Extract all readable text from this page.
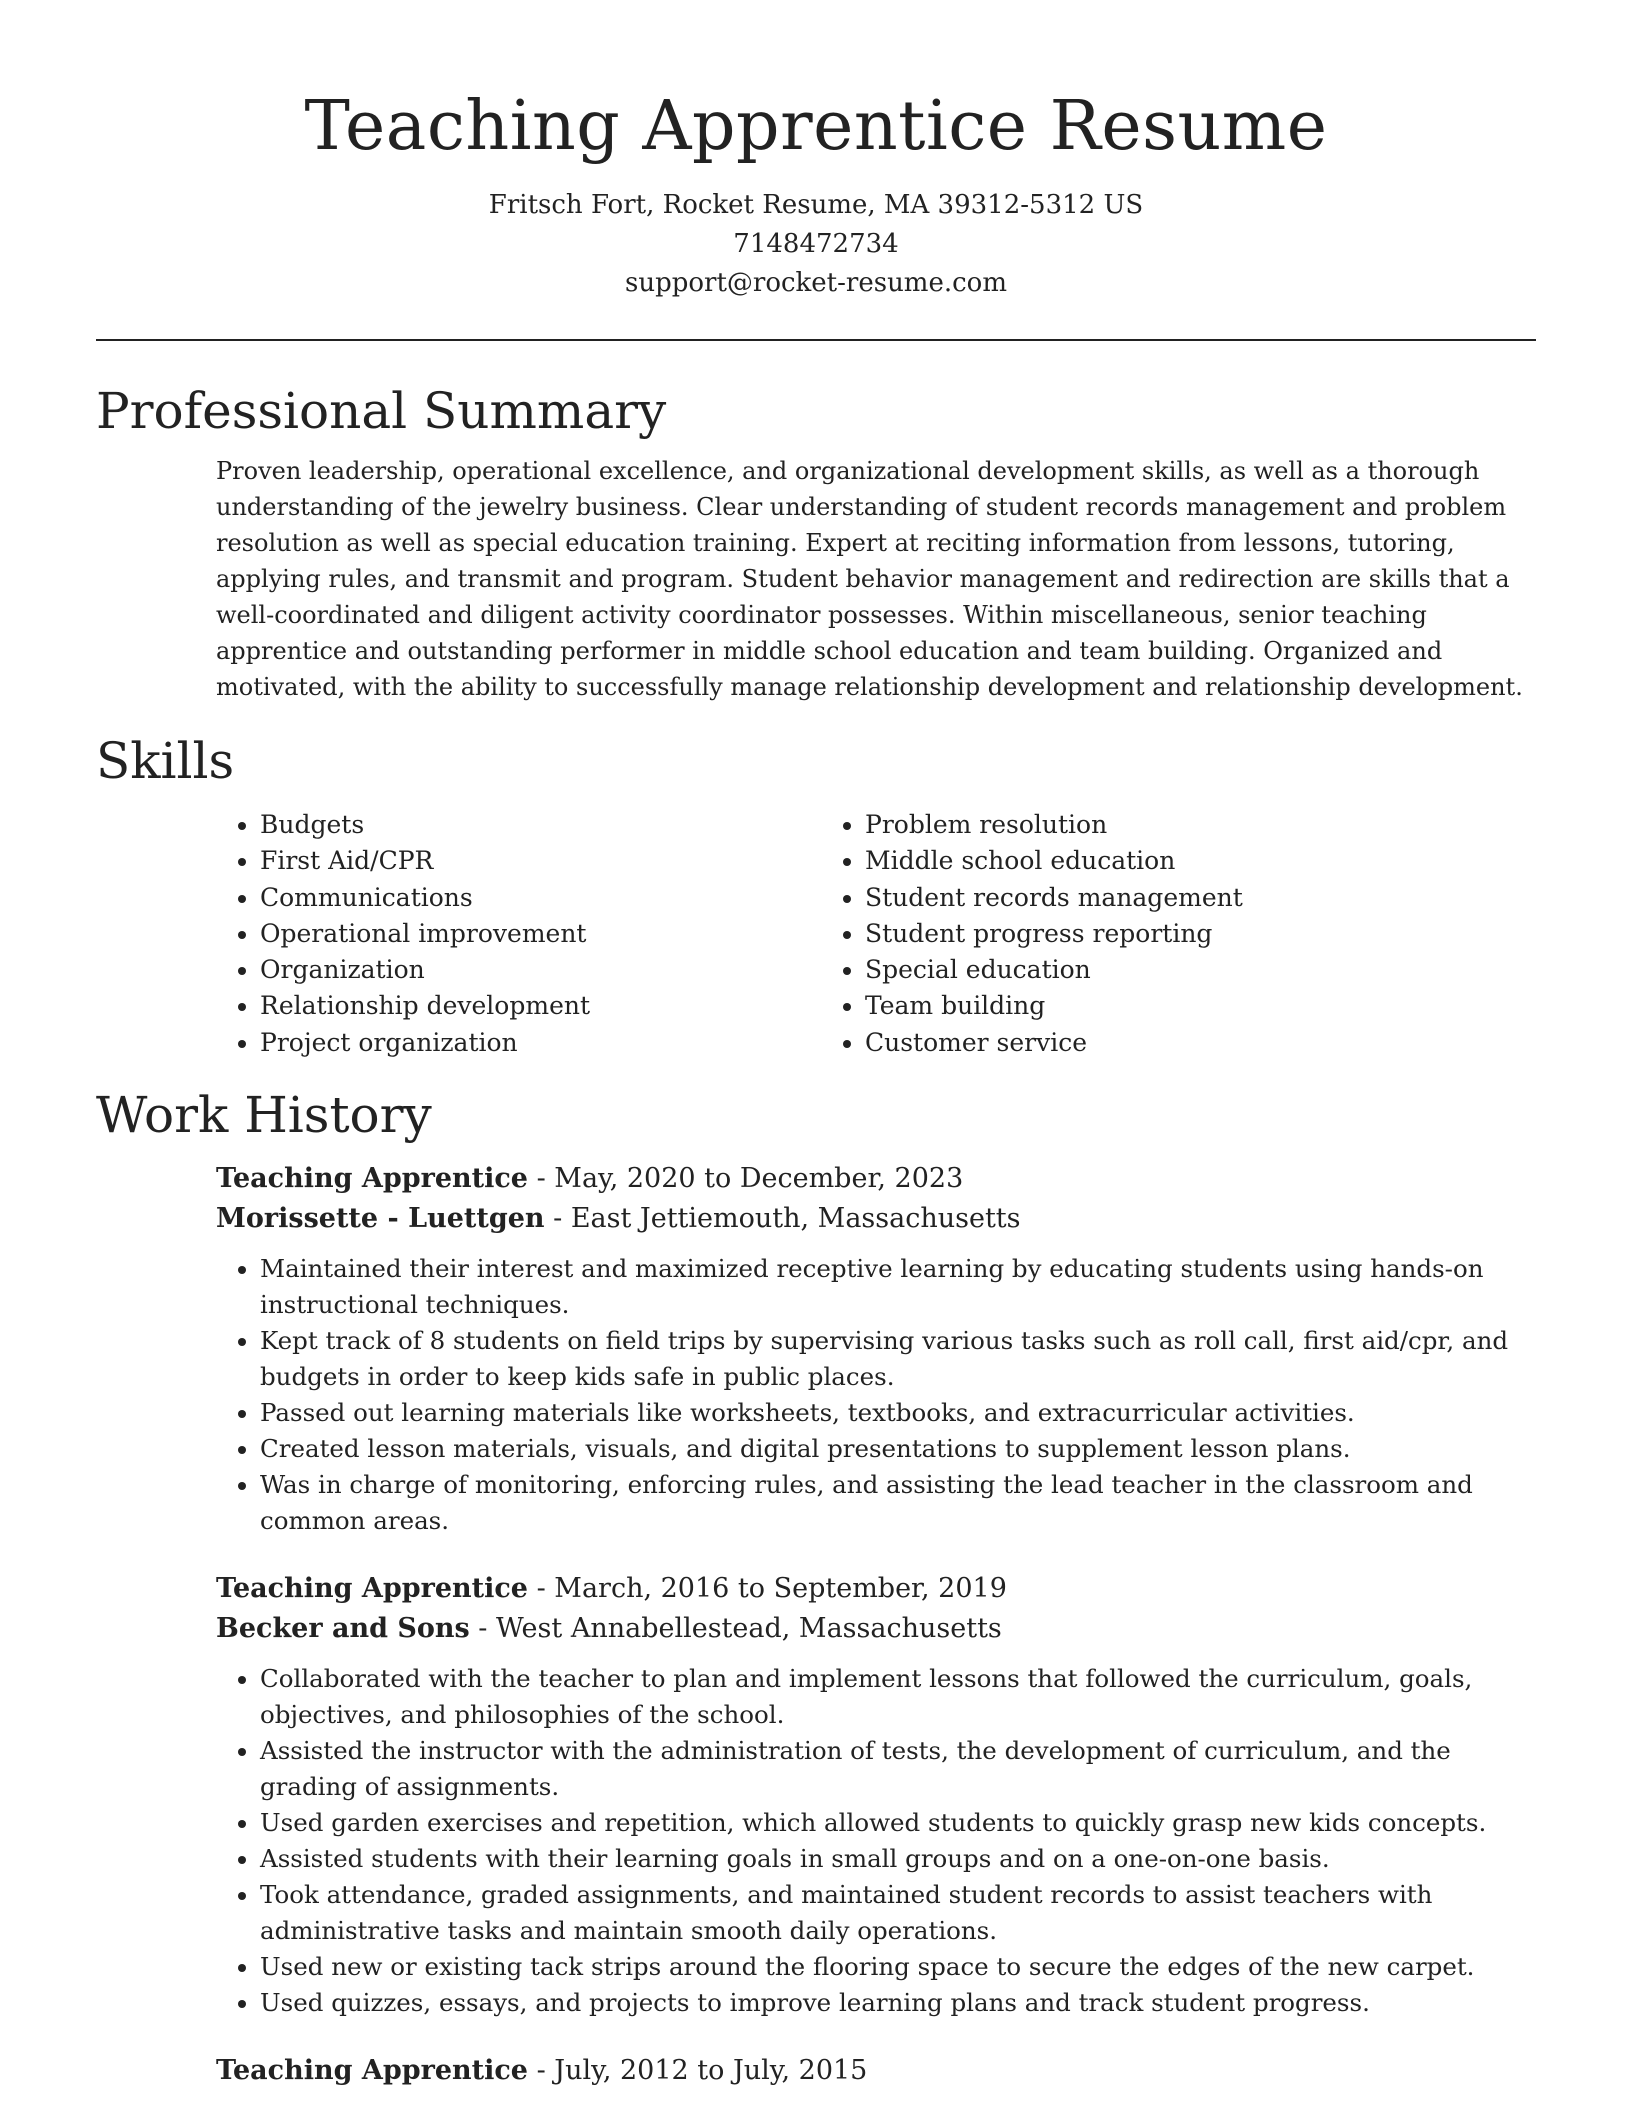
Teaching Apprentice Resume
Fritsch Fort, Rocket Resume, MA 39312-5312 US
7148472734
support@rocket-resume.com
Professional Summary

Proven leadership, operational excellence, and organizational development skills, as well as a thorough understanding of the jewelry business. Clear understanding of student records management and problem resolution as well as special education training. Expert at reciting information from lessons, tutoring, applying rules, and transmit and program. Student behavior management and redirection are skills that a well-coordinated and diligent activity coordinator possesses. Within miscellaneous, senior teaching apprentice and outstanding performer in middle school education and team building. Organized and motivated, with the ability to successfully manage relationship development and relationship development.

Skills
• Budgets
• First Aid/CPR
• Communications
• Operational improvement
• Organization
• Relationship development
• Project organization
• Problem resolution
• Middle school education
• Student records management
• Student progress reporting
• Special education
• Team building
• Customer service
Work History
Teaching Apprentice - May, 2020 to December, 2023
Morissette - Luettgen - East Jettiemouth, Massachusetts
• Maintained their interest and maximized receptive learning by educating students using hands-on instructional techniques.
• Kept track of 8 students on field trips by supervising various tasks such as roll call, first aid/cpr, and budgets in order to keep kids safe in public places.
• Passed out learning materials like worksheets, textbooks, and extracurricular activities.
• Created lesson materials, visuals, and digital presentations to supplement lesson plans.
• Was in charge of monitoring, enforcing rules, and assisting the lead teacher in the classroom and common areas.
Teaching Apprentice - March, 2016 to September, 2019
Becker and Sons - West Annabellestead, Massachusetts
• Collaborated with the teacher to plan and implement lessons that followed the curriculum, goals, objectives, and philosophies of the school.
• Assisted the instructor with the administration of tests, the development of curriculum, and the grading of assignments.
• Used garden exercises and repetition, which allowed students to quickly grasp new kids concepts.
• Assisted students with their learning goals in small groups and on a one-on-one basis.
• Took attendance, graded assignments, and maintained student records to assist teachers with administrative tasks and maintain smooth daily operations.
• Used new or existing tack strips around the flooring space to secure the edges of the new carpet.
• Used quizzes, essays, and projects to improve learning plans and track student progress.
Teaching Apprentice - July, 2012 to July, 2015
